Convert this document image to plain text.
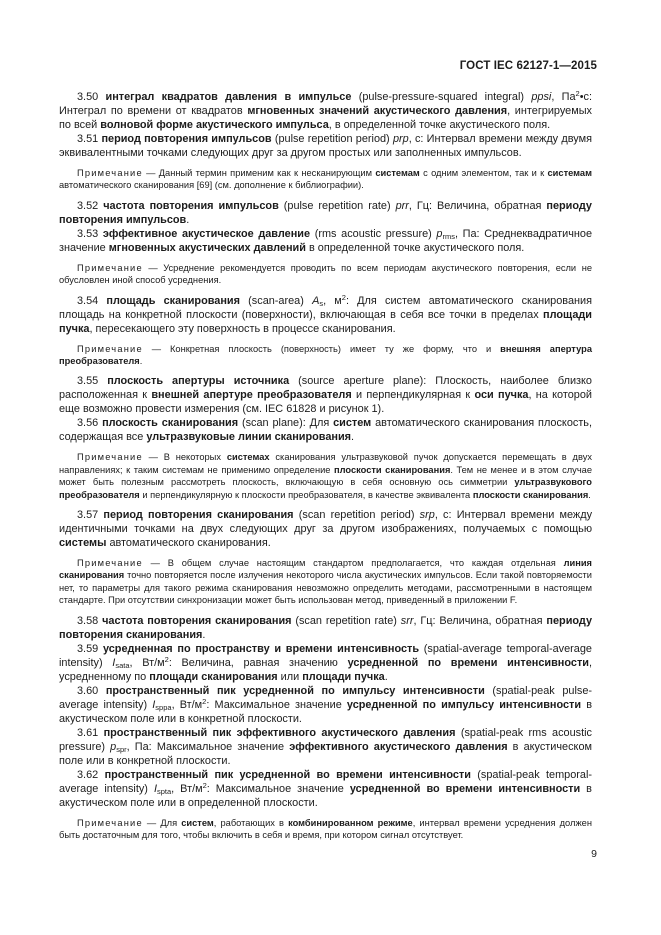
ГОСТ IEC 62127-1—2015

3.50 интеграл квадратов давления в импульсе (pulse-pressure-squared integral) ppsi, $Па^2•с$: Интеграл по времени от квадратов мгновенных значений акустического давления, интегрируемых по всей волновой форме акустического импульса, в определенной точке акустического поля.

3.51 период повторения импульсов (pulse repetition period) prp, с: Интервал времени между двумя эквивалентными точками следующих друг за другом простых или заполненных импульсов.

Примечание — Данный термин применим как к несканирующим системам с одним элементом, так и к системам автоматического сканирования [69] (см. дополнение к библиографии).

3.52 частота повторения импульсов (pulse repetition rate) prr, Гц: Величина, обратная периоду повторения импульсов.

3.53 эффективное акустическое давление (rms acoustic pressure) $p_{rms}$, Па: Среднеквадратичное значение мгновенных акустических давлений в определенной точке акустического поля.

Примечание — Усреднение рекомендуется проводить по всем периодам акустического повторения, если не обусловлен иной способ усреднения.

3.54 площадь сканирования (scan-area) $A_s$, $м^2$: Для систем автоматического сканирования площадь на конкретной плоскости (поверхности), включающая в себя все точки в пределах площади пучка, пересекающего эту поверхность в процессе сканирования.

Примечание — Конкретная плоскость (поверхность) имеет ту же форму, что и внешняя апертура преобразователя.

3.55 плоскость апертуры источника (source aperture plane): Плоскость, наиболее близко расположенная к внешней апертуре преобразователя и перпендикулярная к оси пучка, на которой еще возможно провести измерения (см. IEC 61828 и рисунок 1).

3.56 плоскость сканирования (scan plane): Для систем автоматического сканирования плоскость, содержащая все ультразвуковые линии сканирования.

Примечание — В некоторых системах сканирования ультразвуковой пучок допускается перемещать в двух направлениях; к таким системам не применимо определение плоскости сканирования. Тем не менее и в этом случае может быть полезным рассмотреть плоскость, включающую в себя основную ось симметрии ультразвукового преобразователя и перпендикулярную к плоскости преобразователя, в качестве эквивалента плоскости сканирования.

3.57 период повторения сканирования (scan repetition period) srp, с: Интервал времени между идентичными точками на двух следующих друг за другом изображениях, получаемых с помощью системы автоматического сканирования.

Примечание — В общем случае настоящим стандартом предполагается, что каждая отдельная линия сканирования точно повторяется после излучения некоторого числа акустических импульсов. Если такой повторяемости нет, то параметры для такого режима сканирования невозможно определить методами, рассмотренными в настоящем стандарте. При отсутствии синхронизации может быть использован метод, приведенный в приложении F.

3.58 частота повторения сканирования (scan repetition rate) srr, Гц: Величина, обратная периоду повторения сканирования.

3.59 усредненная по пространству и времени интенсивность (spatial-average temporal-average intensity) $I_{sata}$, $Вт/м^2$: Величина, равная значению усредненной по времени интенсивности, усредненному по площади сканирования или площади пучка.

3.60 пространственный пик усредненной по импульсу интенсивности (spatial-peak pulse-average intensity) $I_{sppa}$, $Вт/м^2$: Максимальное значение усредненной по импульсу интенсивности в акустическом поле или в конкретной плоскости.

3.61 пространственный пик эффективного акустического давления (spatial-peak rms acoustic pressure) $p_{spr}$, Па: Максимальное значение эффективного акустического давления в акустическом поле или в конкретной плоскости.

3.62 пространственный пик усредненной во времени интенсивности (spatial-peak temporal-average intensity) $I_{spta}$, $Вт/м^2$: Максимальное значение усредненной во времени интенсивности в акустическом поле или в определенной плоскости.

Примечание — Для систем, работающих в комбинированном режиме, интервал времени усреднения должен быть достаточным для того, чтобы включить в себя и время, при котором сигнал отсутствует.

9
